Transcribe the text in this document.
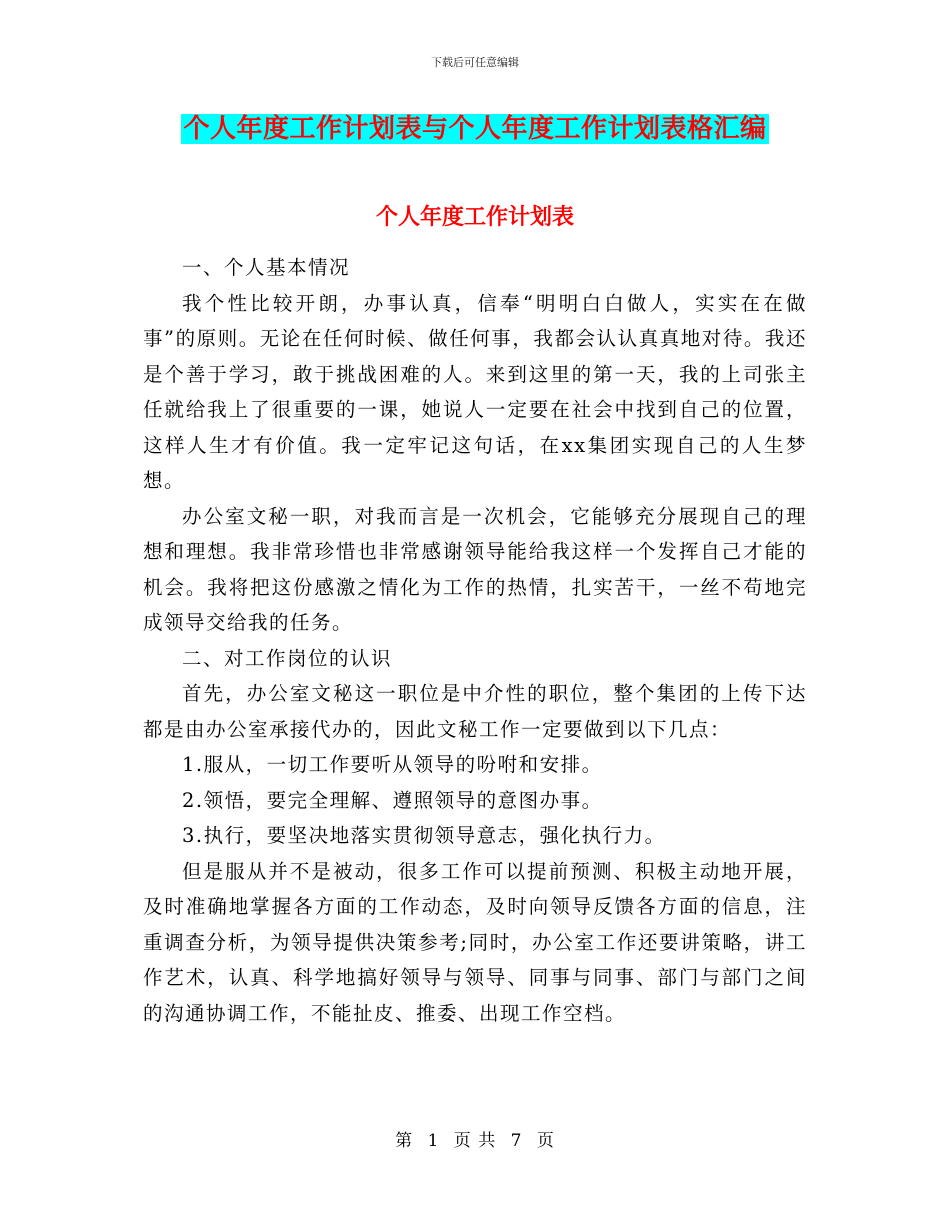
下载后可任意编辑
个人年度工作计划表与个人年度工作计划表格汇编
个人年度工作计划表

一、个人基本情况

我个性比较开朗，办事认真，信奉“明明白白做人，实实在在做事”的原则。无论在任何时候、做任何事，我都会认认真真地对待。我还是个善于学习，敢于挑战困难的人。来到这里的第一天，我的上司张主任就给我上了很重要的一课，她说人一定要在社会中找到自己的位置，这样人生才有价值。我一定牢记这句话，在xx集团实现自己的人生梦想。

办公室文秘一职，对我而言是一次机会，它能够充分展现自己的理想和理想。我非常珍惜也非常感谢领导能给我这样一个发挥自己才能的机会。我将把这份感激之情化为工作的热情，扎实苦干，一丝不苟地完成领导交给我的任务。

二、对工作岗位的认识

首先，办公室文秘这一职位是中介性的职位，整个集团的上传下达都是由办公室承接代办的，因此文秘工作一定要做到以下几点：

1.服从，一切工作要听从领导的吩咐和安排。

2.领悟，要完全理解、遵照领导的意图办事。

3.执行，要坚决地落实贯彻领导意志，强化执行力。

但是服从并不是被动，很多工作可以提前预测、积极主动地开展，及时准确地掌握各方面的工作动态，及时向领导反馈各方面的信息，注重调查分析，为领导提供决策参考;同时，办公室工作还要讲策略，讲工作艺术，认真、科学地搞好领导与领导、同事与同事、部门与部门之间的沟通协调工作，不能扯皮、推委、出现工作空档。

第 1 页 共 7 页
